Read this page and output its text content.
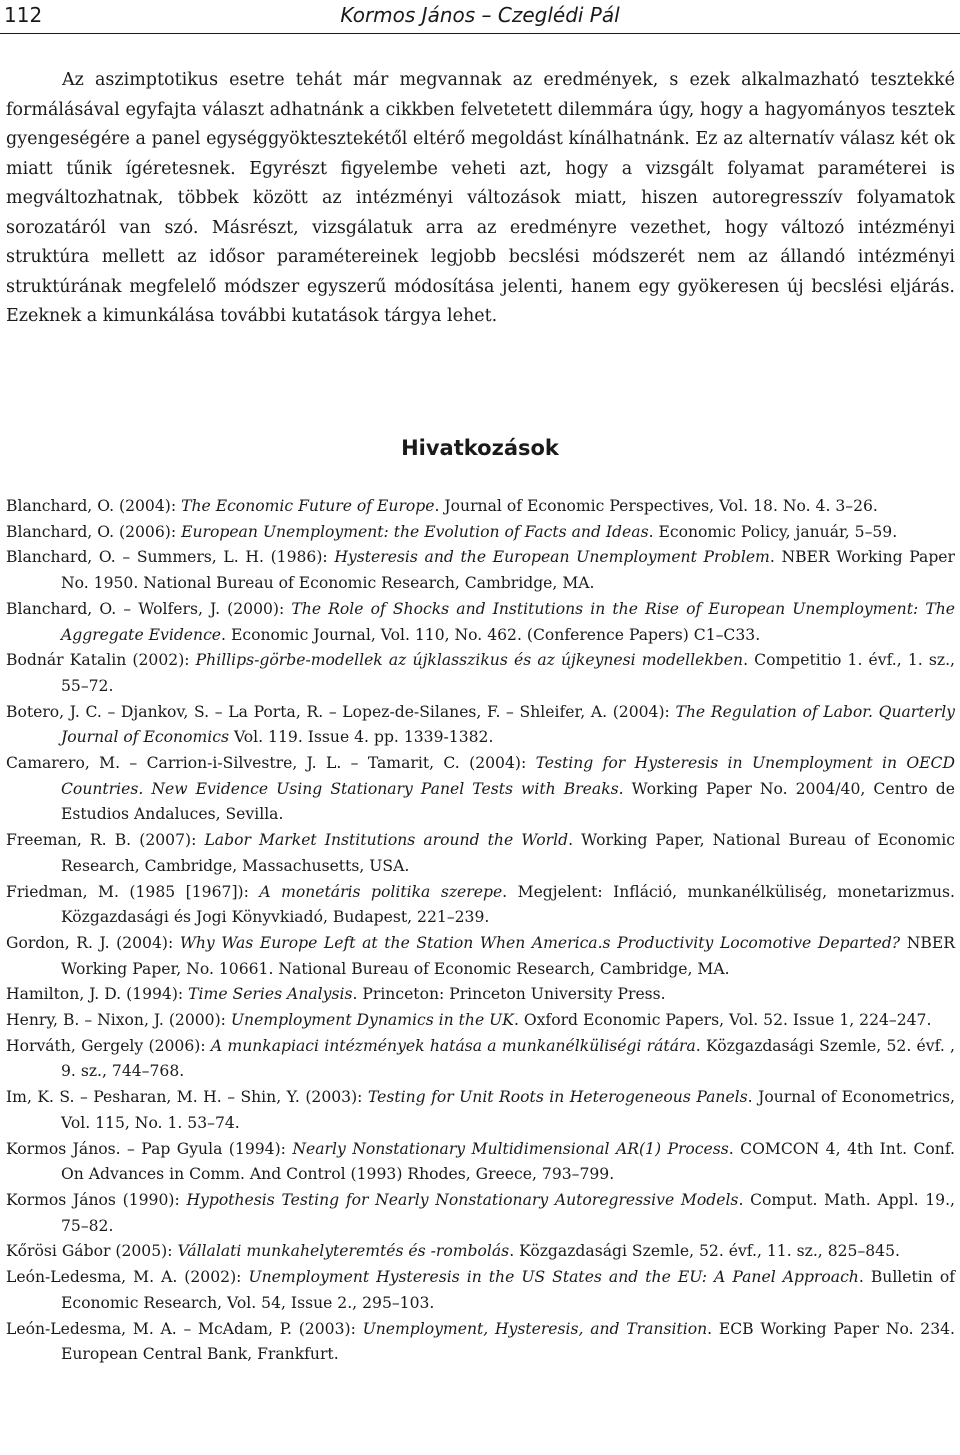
112	Kormos János – Czeglédi Pál

Az aszimptotikus esetre tehát már megvannak az eredmények, s ezek alkalmazható tesztekké formálásával egyfajta választ adhatnánk a cikkben felvetetett dilemmára úgy, hogy a hagyományos tesztek gyengeségére a panel egységgyöktesztekétől eltérő megoldást kínálhatnánk. Ez az alternatív válasz két ok miatt tűnik ígéretesnek. Egyrészt figyelembe veheti azt, hogy a vizsgált folyamat paraméterei is megváltozhatnak, többek között az intézményi változások miatt, hiszen autoregresszív folyamatok sorozatáról van szó. Másrészt, vizsgálatuk arra az eredményre vezethet, hogy változó intézményi struktúra mellett az idősor paramétereinek legjobb becslési módszerét nem az állandó intézményi struktúrának megfelelő módszer egyszerű módosítása jelenti, hanem egy gyökeresen új becslési eljárás. Ezeknek a kimunkálása további kutatások tárgya lehet.

Hivatkozások
Blanchard, O. (2004): The Economic Future of Europe. Journal of Economic Perspectives, Vol. 18. No. 4. 3–26.
Blanchard, O. (2006): European Unemployment: the Evolution of Facts and Ideas. Economic Policy, január, 5–59.
Blanchard, O. – Summers, L. H. (1986): Hysteresis and the European Unemployment Problem. NBER Working Paper No. 1950. National Bureau of Economic Research, Cambridge, MA.
Blanchard, O. – Wolfers, J. (2000): The Role of Shocks and Institutions in the Rise of European Unemployment: The Aggregate Evidence. Economic Journal, Vol. 110, No. 462. (Conference Papers) C1–C33.
Bodnár Katalin (2002): Phillips-görbe-modellek az újklasszikus és az újkeynesi modellekben. Competitio 1. évf., 1. sz., 55–72.
Botero, J. C. – Djankov, S. – La Porta, R. – Lopez-de-Silanes, F. – Shleifer, A. (2004): The Regulation of Labor. Quarterly Journal of Economics Vol. 119. Issue 4. pp. 1339-1382.
Camarero, M. – Carrion-i-Silvestre, J. L. – Tamarit, C. (2004): Testing for Hysteresis in Unemployment in OECD Countries. New Evidence Using Stationary Panel Tests with Breaks. Working Paper No. 2004/40, Centro de Estudios Andaluces, Sevilla.
Freeman, R. B. (2007): Labor Market Institutions around the World. Working Paper, National Bureau of Economic Research, Cambridge, Massachusetts, USA.
Friedman, M. (1985 [1967]): A monetáris politika szerepe. Megjelent: Infláció, munkanélküliség, monetarizmus. Közgazdasági és Jogi Könyvkiadó, Budapest, 221–239.
Gordon, R. J. (2004): Why Was Europe Left at the Station When America.s Productivity Locomotive Departed? NBER Working Paper, No. 10661. National Bureau of Economic Research, Cambridge, MA.
Hamilton, J. D. (1994): Time Series Analysis. Princeton: Princeton University Press.
Henry, B. – Nixon, J. (2000): Unemployment Dynamics in the UK. Oxford Economic Papers, Vol. 52. Issue 1, 224–247.
Horváth, Gergely (2006): A munkapiaci intézmények hatása a munkanélküliségi rátára. Közgazdasági Szemle, 52. évf. , 9. sz., 744–768.
Im, K. S. – Pesharan, M. H. – Shin, Y. (2003): Testing for Unit Roots in Heterogeneous Panels. Journal of Econometrics, Vol. 115, No. 1. 53–74.
Kormos János. – Pap Gyula (1994): Nearly Nonstationary Multidimensional AR(1) Process. COMCON 4, 4th Int. Conf. On Advances in Comm. And Control (1993) Rhodes, Greece, 793–799.
Kormos János (1990): Hypothesis Testing for Nearly Nonstationary Autoregressive Models. Comput. Math. Appl. 19., 75–82.
Kőrösi Gábor (2005): Vállalati munkahelyteremtés és -rombolás. Közgazdasági Szemle, 52. évf., 11. sz., 825–845.
León-Ledesma, M. A. (2002): Unemployment Hysteresis in the US States and the EU: A Panel Approach. Bulletin of Economic Research, Vol. 54, Issue 2., 295–103.
León-Ledesma, M. A. – McAdam, P. (2003): Unemployment, Hysteresis, and Transition. ECB Working Paper No. 234. European Central Bank, Frankfurt.
